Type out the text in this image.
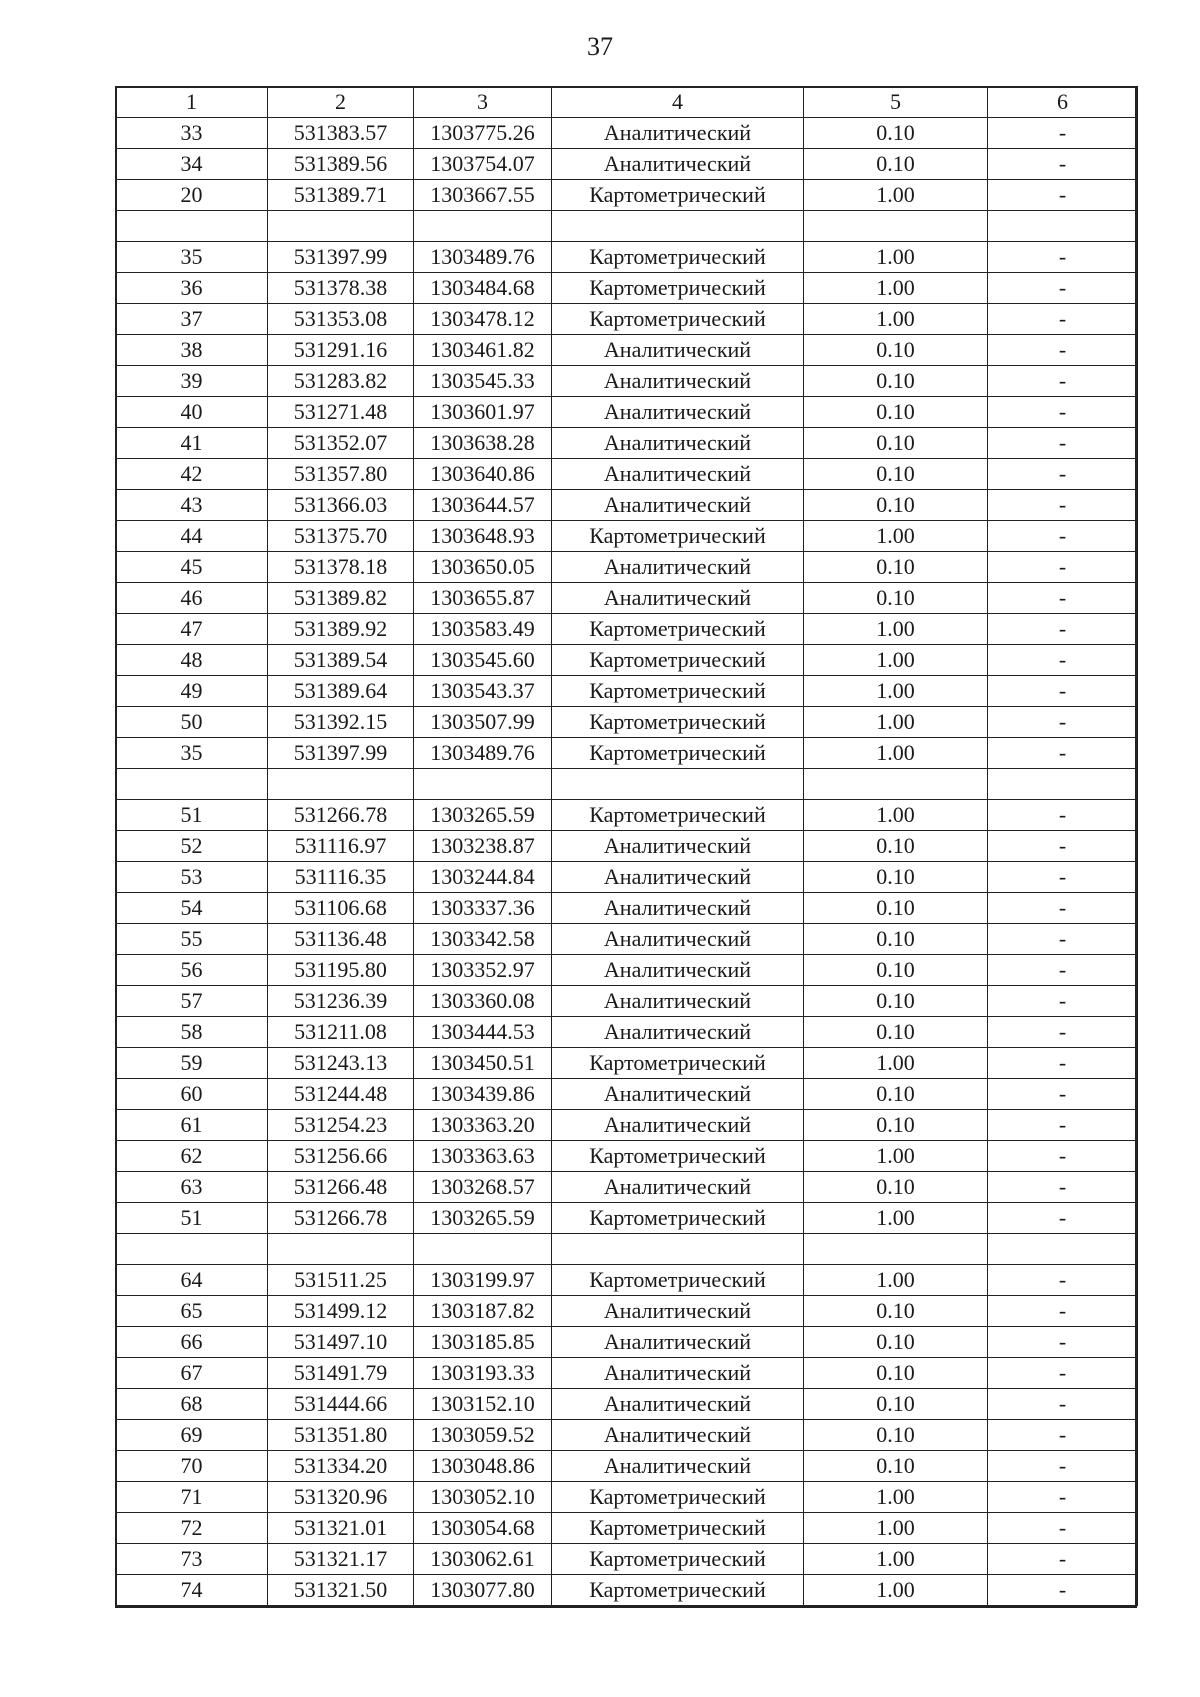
37
1	2	3	4	5	6
33	531383.57	1303775.26	Аналитический	0.10	-
34	531389.56	1303754.07	Аналитический	0.10	-
20	531389.71	1303667.55	Картометрический	1.00	-

35	531397.99	1303489.76	Картометрический	1.00	-
36	531378.38	1303484.68	Картометрический	1.00	-
37	531353.08	1303478.12	Картометрический	1.00	-
38	531291.16	1303461.82	Аналитический	0.10	-
39	531283.82	1303545.33	Аналитический	0.10	-
40	531271.48	1303601.97	Аналитический	0.10	-
41	531352.07	1303638.28	Аналитический	0.10	-
42	531357.80	1303640.86	Аналитический	0.10	-
43	531366.03	1303644.57	Аналитический	0.10	-
44	531375.70	1303648.93	Картометрический	1.00	-
45	531378.18	1303650.05	Аналитический	0.10	-
46	531389.82	1303655.87	Аналитический	0.10	-
47	531389.92	1303583.49	Картометрический	1.00	-
48	531389.54	1303545.60	Картометрический	1.00	-
49	531389.64	1303543.37	Картометрический	1.00	-
50	531392.15	1303507.99	Картометрический	1.00	-
35	531397.99	1303489.76	Картометрический	1.00	-

51	531266.78	1303265.59	Картометрический	1.00	-
52	531116.97	1303238.87	Аналитический	0.10	-
53	531116.35	1303244.84	Аналитический	0.10	-
54	531106.68	1303337.36	Аналитический	0.10	-
55	531136.48	1303342.58	Аналитический	0.10	-
56	531195.80	1303352.97	Аналитический	0.10	-
57	531236.39	1303360.08	Аналитический	0.10	-
58	531211.08	1303444.53	Аналитический	0.10	-
59	531243.13	1303450.51	Картометрический	1.00	-
60	531244.48	1303439.86	Аналитический	0.10	-
61	531254.23	1303363.20	Аналитический	0.10	-
62	531256.66	1303363.63	Картометрический	1.00	-
63	531266.48	1303268.57	Аналитический	0.10	-
51	531266.78	1303265.59	Картометрический	1.00	-

64	531511.25	1303199.97	Картометрический	1.00	-
65	531499.12	1303187.82	Аналитический	0.10	-
66	531497.10	1303185.85	Аналитический	0.10	-
67	531491.79	1303193.33	Аналитический	0.10	-
68	531444.66	1303152.10	Аналитический	0.10	-
69	531351.80	1303059.52	Аналитический	0.10	-
70	531334.20	1303048.86	Аналитический	0.10	-
71	531320.96	1303052.10	Картометрический	1.00	-
72	531321.01	1303054.68	Картометрический	1.00	-
73	531321.17	1303062.61	Картометрический	1.00	-
74	531321.50	1303077.80	Картометрический	1.00	-
